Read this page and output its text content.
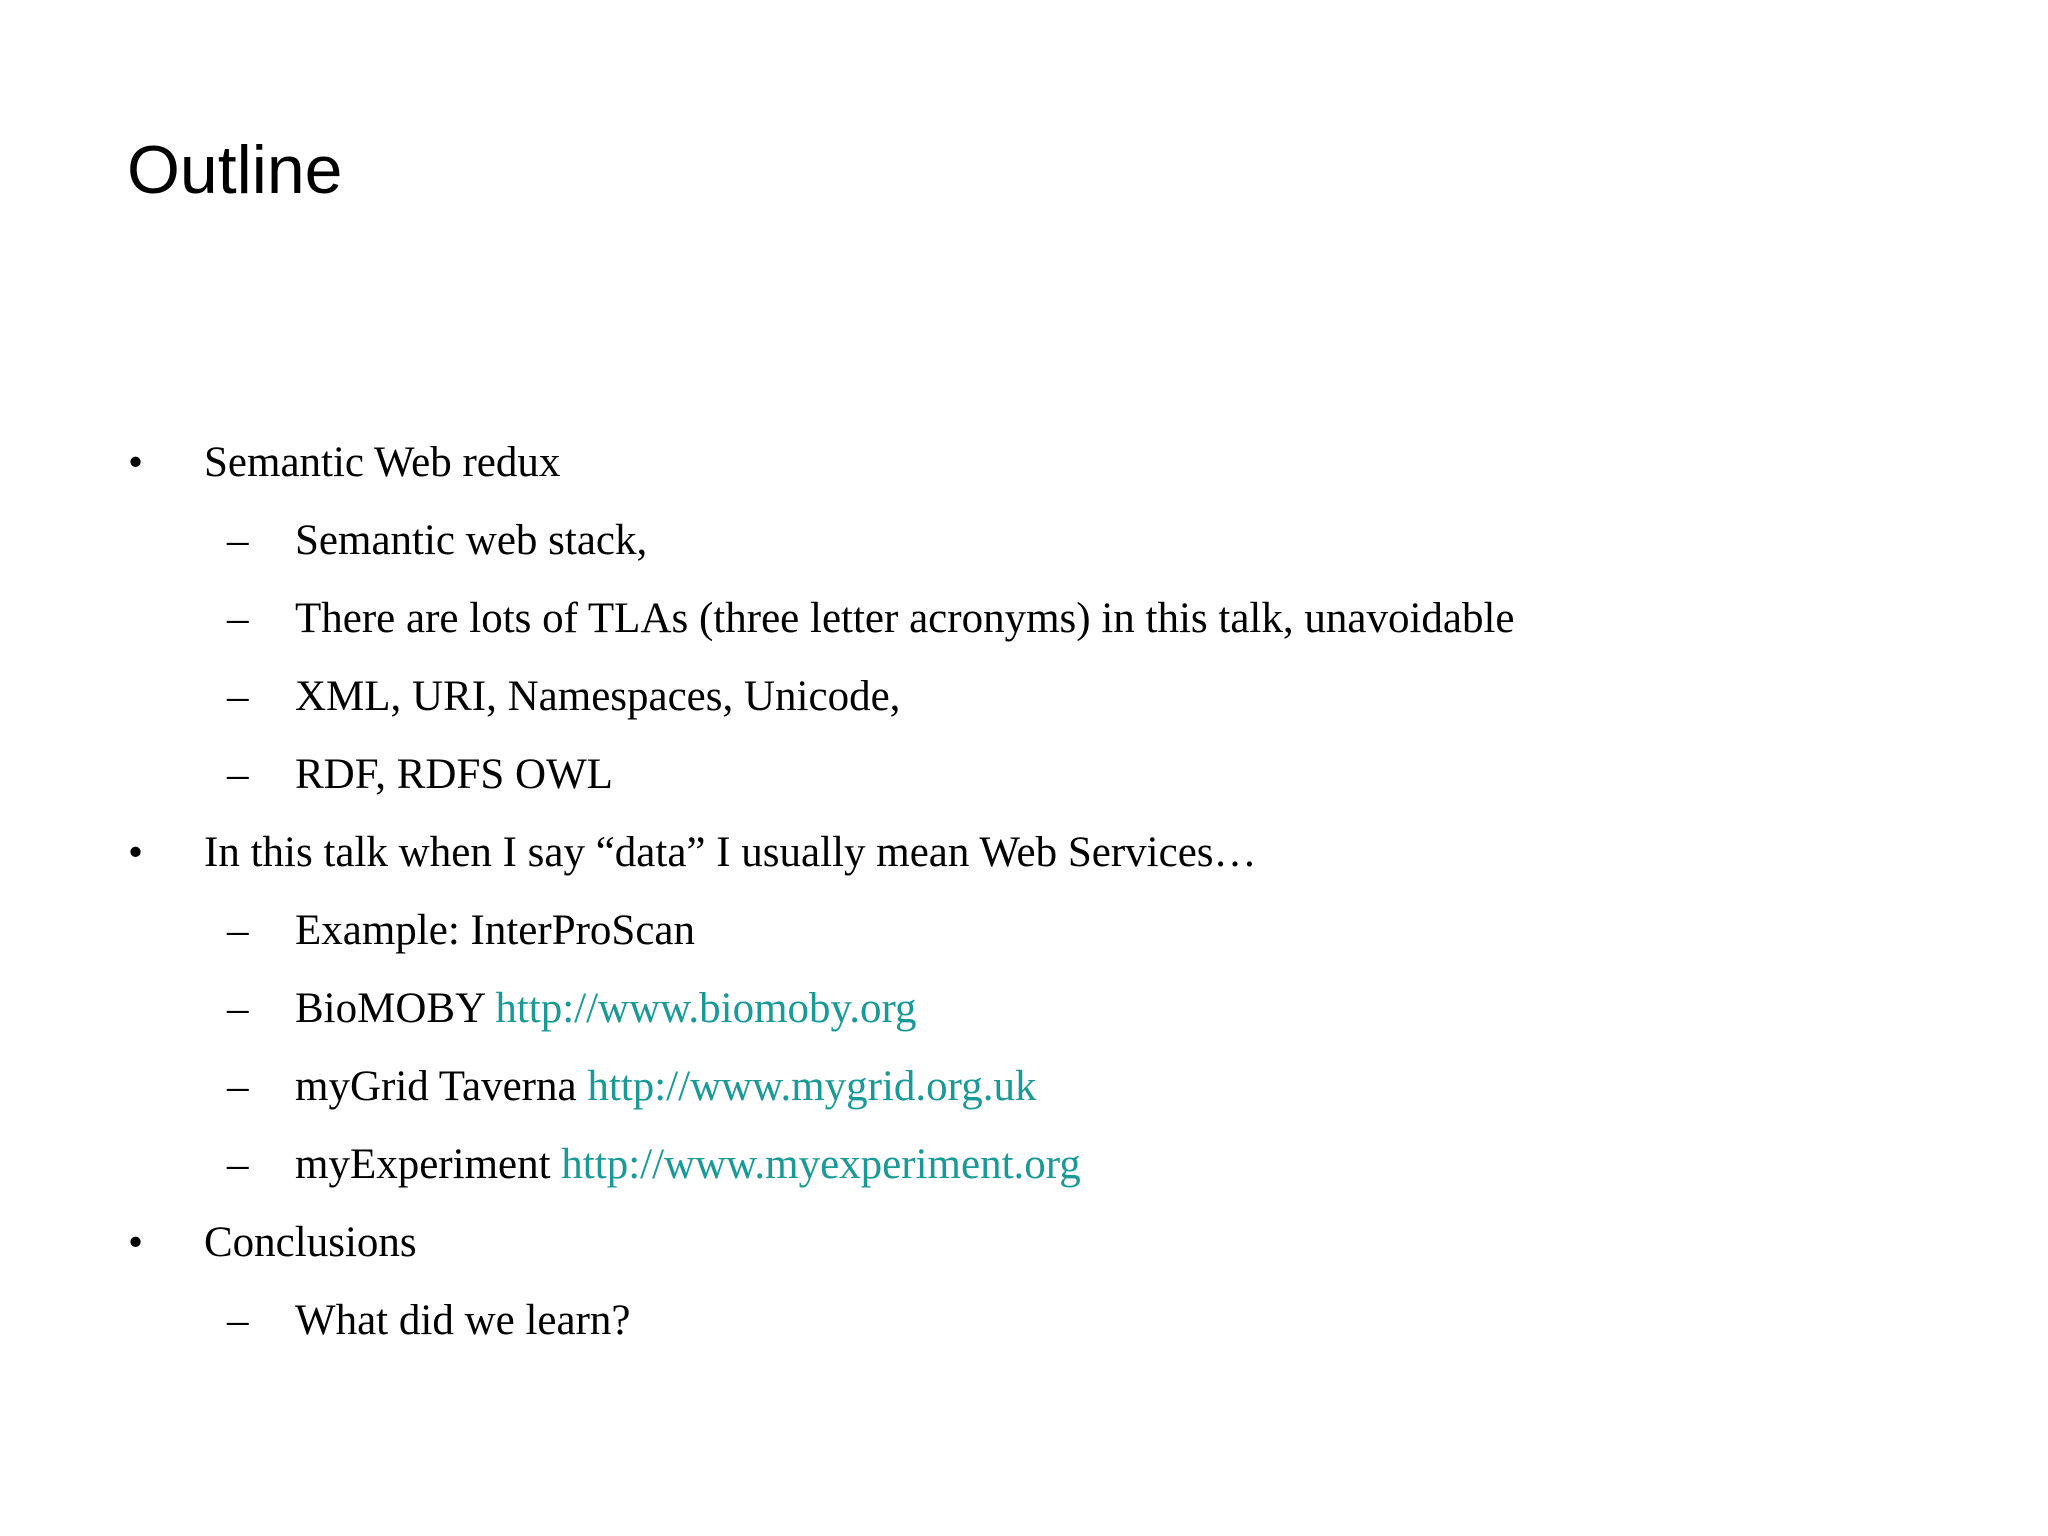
Outline
• Semantic Web redux
– Semantic web stack,
– There are lots of TLAs (three letter acronyms) in this talk, unavoidable
– XML, URI, Namespaces, Unicode,
– RDF, RDFS OWL
• In this talk when I say “data” I usually mean Web Services…
– Example: InterProScan
– BioMOBY http://www.biomoby.org
– myGrid Taverna http://www.mygrid.org.uk
– myExperiment http://www.myexperiment.org
• Conclusions
– What did we learn?
